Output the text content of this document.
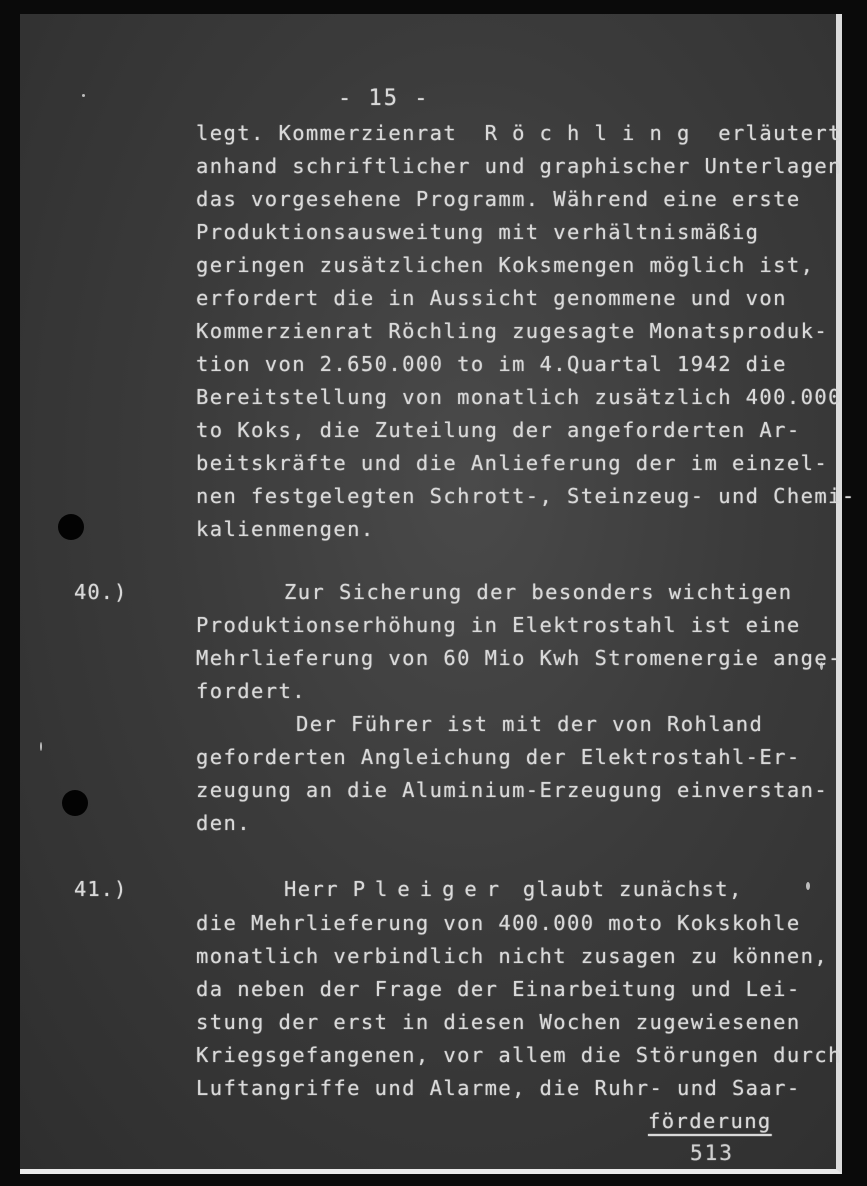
- 15 -
legt. Kommerzienrat  R ö c h l i n g  erläutert
anhand schriftlicher und graphischer Unterlagen
das vorgesehene Programm. Während eine erste
Produktionsausweitung mit verhältnismäßig
geringen zusätzlichen Koksmengen möglich ist,
erfordert die in Aussicht genommene und von
Kommerzienrat Röchling zugesagte Monatsproduk-
tion von 2.650.000 to im 4.Quartal 1942 die
Bereitstellung von monatlich zusätzlich 400.000
to Koks, die Zuteilung der angeforderten Ar-
beitskräfte und die Anlieferung der im einzel-
nen festgelegten Schrott-, Steinzeug- und Chemi-
kalienmengen.
40.)	Zur Sicherung der besonders wichtigen
Produktionserhöhung in Elektrostahl ist eine
Mehrlieferung von 60 Mio Kwh Stromenergie ange-
fordert.
Der Führer ist mit der von Rohland
geforderten Angleichung der Elektrostahl-Er-
zeugung an die Aluminium-Erzeugung einverstan-
den.
41.)	Herr Pleiger glaubt zunächst,
die Mehrlieferung von 400.000 moto Kokskohle
monatlich verbindlich nicht zusagen zu können,
da neben der Frage der Einarbeitung und Lei-
stung der erst in diesen Wochen zugewiesenen
Kriegsgefangenen, vor allem die Störungen durch
Luftangriffe und Alarme, die Ruhr- und Saar-
förderung
513
